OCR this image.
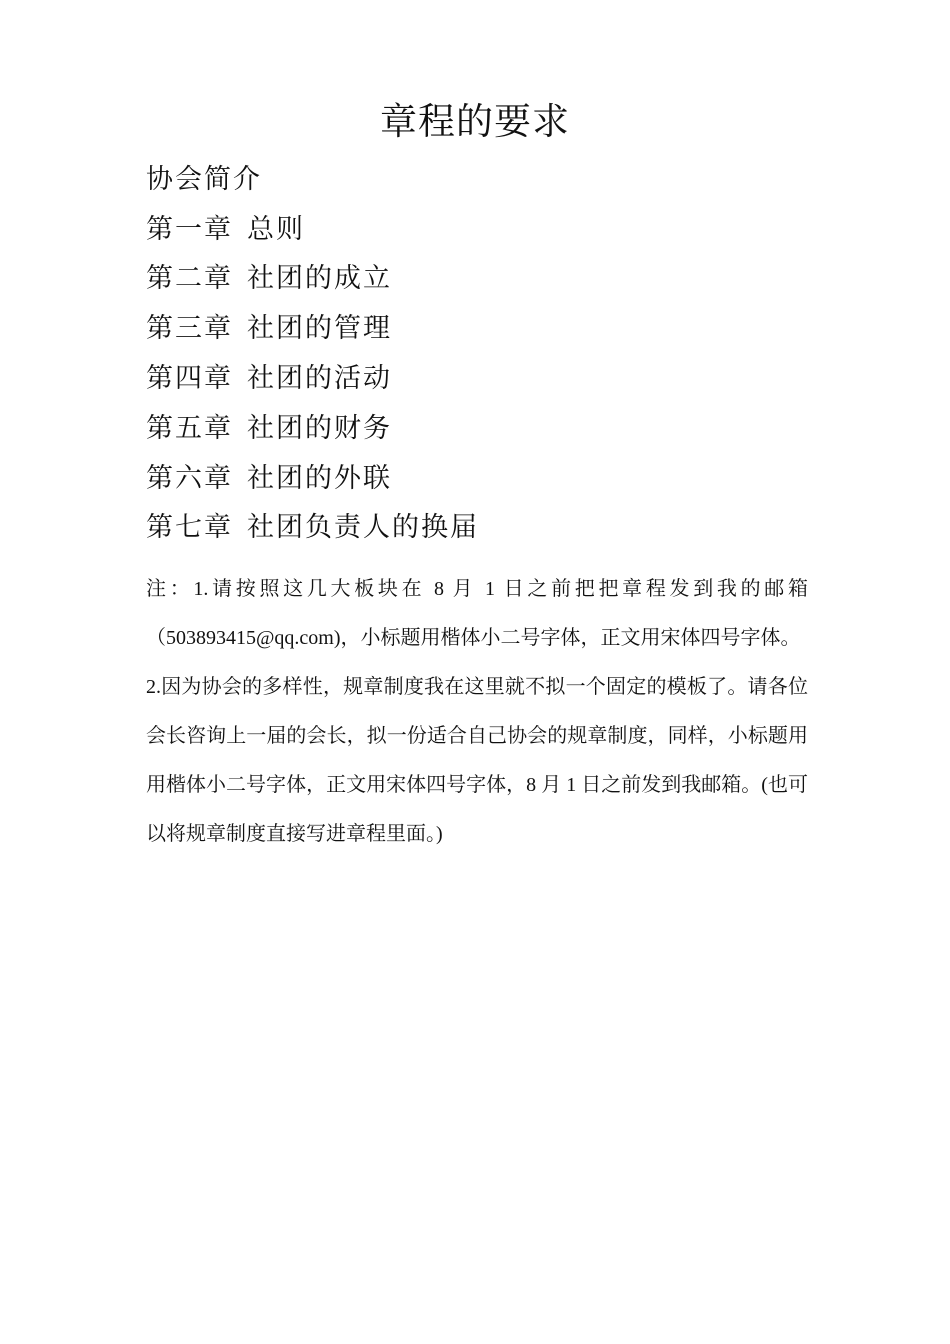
章程的要求
协会简介
第一章 总则
第二章 社团的成立
第三章 社团的管理
第四章 社团的活动
第五章 社团的财务
第六章 社团的外联
第七章 社团负责人的换届

注：1.请按照这几大板块在 8 月 1 日之前把把章程发到我的邮箱（503893415@qq.com)，小标题用楷体小二号字体，正文用宋体四号字体。

2.因为协会的多样性，规章制度我在这里就不拟一个固定的模板了。请各位会长咨询上一届的会长，拟一份适合自己协会的规章制度，同样，小标题用用楷体小二号字体，正文用宋体四号字体，8 月 1 日之前发到我邮箱。(也可以将规章制度直接写进章程里面。)
